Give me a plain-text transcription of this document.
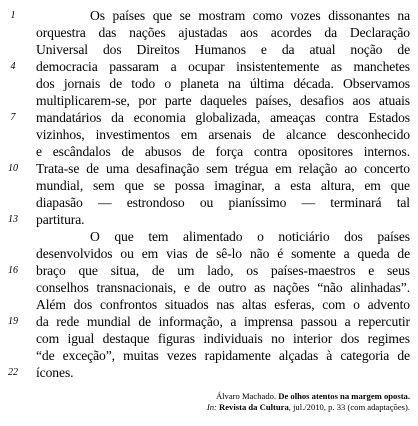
Os países que se mostram como vozes dissonantes na
orquestra das nações ajustadas aos acordes da Declaração
Universal dos Direitos Humanos e da atual noção de
democracia passaram a ocupar insistentemente as manchetes
dos jornais de todo o planeta na última década. Observamos
multiplicarem-se, por parte daqueles países, desafios aos atuais
mandatários da economia globalizada, ameaças contra Estados
vizinhos, investimentos em arsenais de alcance desconhecido
e escândalos de abusos de força contra opositores internos.
Trata-se de uma desafinação sem trégua em relação ao concerto
mundial, sem que se possa imaginar, a esta altura, em que
diapasão — estrondoso ou pianíssimo — terminará tal
partitura.
O que tem alimentado o noticiário dos países
desenvolvidos ou em vias de sê-lo não é somente a queda de
braço que situa, de um lado, os países-maestros e seus
conselhos transnacionais, e de outro as nações “não alinhadas”.
Além dos confrontos situados nas altas esferas, com o advento
da rede mundial de informação, a imprensa passou a repercutir
com igual destaque figuras individuais no interior dos regimes
“de exceção”, muitas vezes rapidamente alçadas à categoria de
ícones.
1
4
7
10
13
16
19
22
Álvaro Machado. De olhos atentos na margem oposta.
In: Revista da Cultura, jul./2010, p. 33 (com adaptações).
